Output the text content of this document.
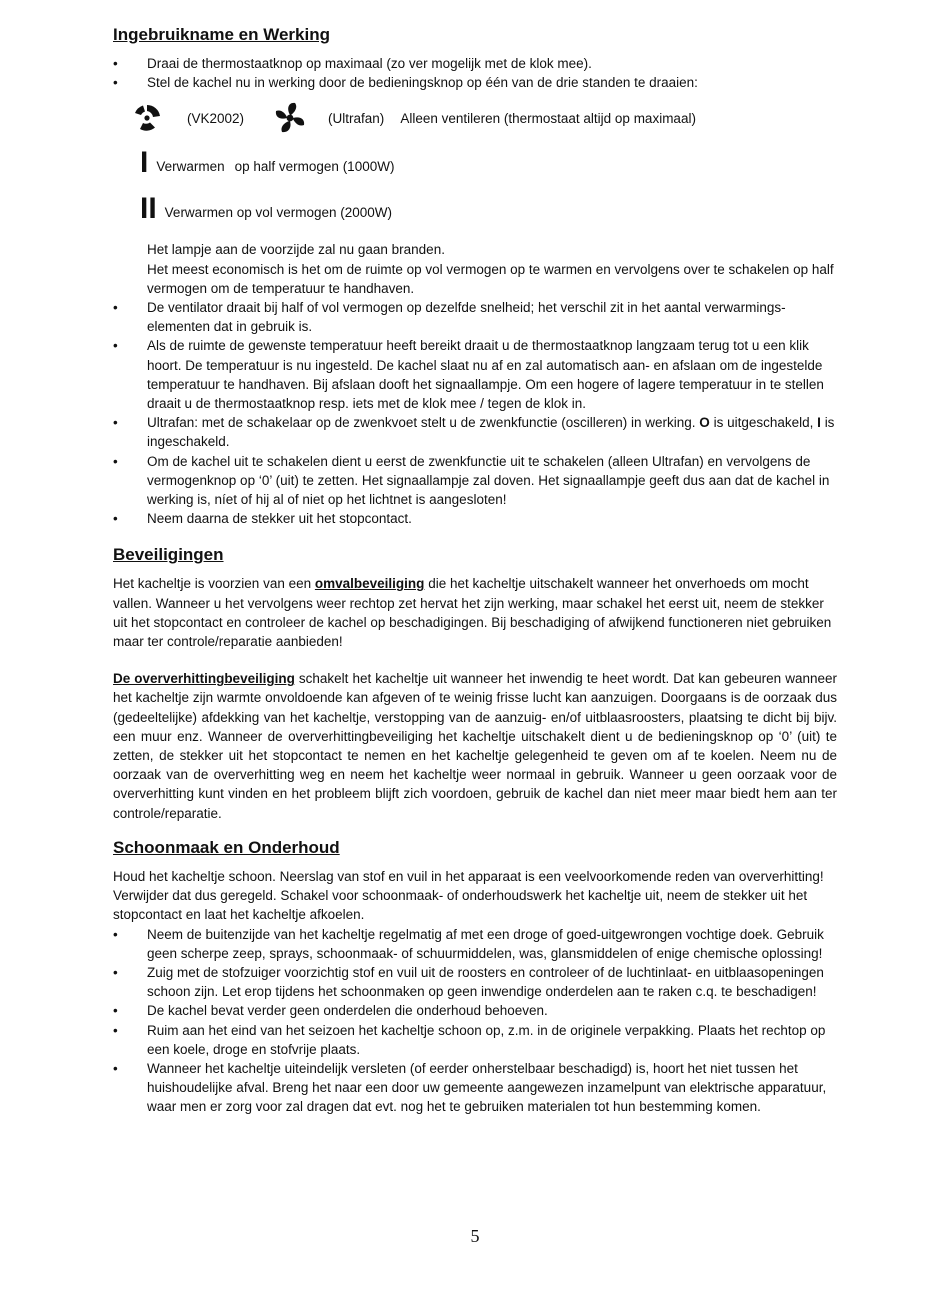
Ingebruikname en Werking
• Draai de thermostaatknop op maximaal (zo ver mogelijk met de klok mee).
• Stel de kachel nu in werking door de bedieningsknop op één van de drie standen te draaien:
(VK2002)	(Ultrafan) Alleen ventileren (thermostaat altijd op maximaal)
I Verwarmen op half vermogen (1000W)
II Verwarmen op vol vermogen (2000W)
Het lampje aan de voorzijde zal nu gaan branden.
Het meest economisch is het om de ruimte op vol vermogen op te warmen en vervolgens over te schakelen op half vermogen om de temperatuur te handhaven.
• De ventilator draait bij half of vol vermogen op dezelfde snelheid; het verschil zit in het aantal verwarmings-elementen dat in gebruik is.
• Als de ruimte de gewenste temperatuur heeft bereikt draait u de thermostaatknop langzaam terug tot u een klik hoort. De temperatuur is nu ingesteld. De kachel slaat nu af en zal automatisch aan- en afslaan om de ingestelde temperatuur te handhaven. Bij afslaan dooft het signaallampje. Om een hogere of lagere temperatuur in te stellen draait u de thermostaatknop resp. iets met de klok mee / tegen de klok in.
• Ultrafan: met de schakelaar op de zwenkvoet stelt u de zwenkfunctie (oscilleren) in werking. O is uitgeschakeld, I is ingeschakeld.
• Om de kachel uit te schakelen dient u eerst de zwenkfunctie uit te schakelen (alleen Ultrafan) en vervolgens de vermogenknop op ‘0’ (uit) te zetten. Het signaallampje zal doven. Het signaallampje geeft dus aan dat de kachel in werking is, níet of hij al of niet op het lichtnet is aangesloten!
• Neem daarna de stekker uit het stopcontact.
Beveiligingen

Het kacheltje is voorzien van een omvalbeveiliging die het kacheltje uitschakelt wanneer het onverhoeds om mocht vallen. Wanneer u het vervolgens weer rechtop zet hervat het zijn werking, maar schakel het eerst uit, neem de stekker uit het stopcontact en controleer de kachel op beschadigingen. Bij beschadiging of afwijkend functioneren niet gebruiken maar ter controle/reparatie aanbieden!

De oververhittingbeveiliging schakelt het kacheltje uit wanneer het inwendig te heet wordt. Dat kan gebeuren wanneer het kacheltje zijn warmte onvoldoende kan afgeven of te weinig frisse lucht kan aanzuigen. Doorgaans is de oorzaak dus (gedeeltelijke) afdekking van het kacheltje, verstopping van de aanzuig- en/of uitblaasroosters, plaatsing te dicht bij bijv. een muur enz. Wanneer de oververhittingbeveiliging het kacheltje uitschakelt dient u de bedieningsknop op ‘0’ (uit) te zetten, de stekker uit het stopcontact te nemen en het kacheltje gelegenheid te geven om af te koelen. Neem nu de oorzaak van de oververhitting weg en neem het kacheltje weer normaal in gebruik. Wanneer u geen oorzaak voor de oververhitting kunt vinden en het probleem blijft zich voordoen, gebruik de kachel dan niet meer maar biedt hem aan ter controle/reparatie.

Schoonmaak en Onderhoud

Houd het kacheltje schoon. Neerslag van stof en vuil in het apparaat is een veelvoorkomende reden van oververhitting! Verwijder dat dus geregeld. Schakel voor schoonmaak- of onderhoudswerk het kacheltje uit, neem de stekker uit het stopcontact en laat het kacheltje afkoelen.

• Neem de buitenzijde van het kacheltje regelmatig af met een droge of goed-uitgewrongen vochtige doek. Gebruik geen scherpe zeep, sprays, schoonmaak- of schuurmiddelen, was, glansmiddelen of enige chemische oplossing!
• Zuig met de stofzuiger voorzichtig stof en vuil uit de roosters en controleer of de luchtinlaat- en uitblaasopeningen schoon zijn. Let erop tijdens het schoonmaken op geen inwendige onderdelen aan te raken c.q. te beschadigen!
• De kachel bevat verder geen onderdelen die onderhoud behoeven.
• Ruim aan het eind van het seizoen het kacheltje schoon op, z.m. in de originele verpakking. Plaats het rechtop op een koele, droge en stofvrije plaats.
• Wanneer het kacheltje uiteindelijk versleten (of eerder onherstelbaar beschadigd) is, hoort het niet tussen het huishoudelijke afval. Breng het naar een door uw gemeente aangewezen inzamelpunt van elektrische apparatuur, waar men er zorg voor zal dragen dat evt. nog het te gebruiken materialen tot hun bestemming komen.
5
